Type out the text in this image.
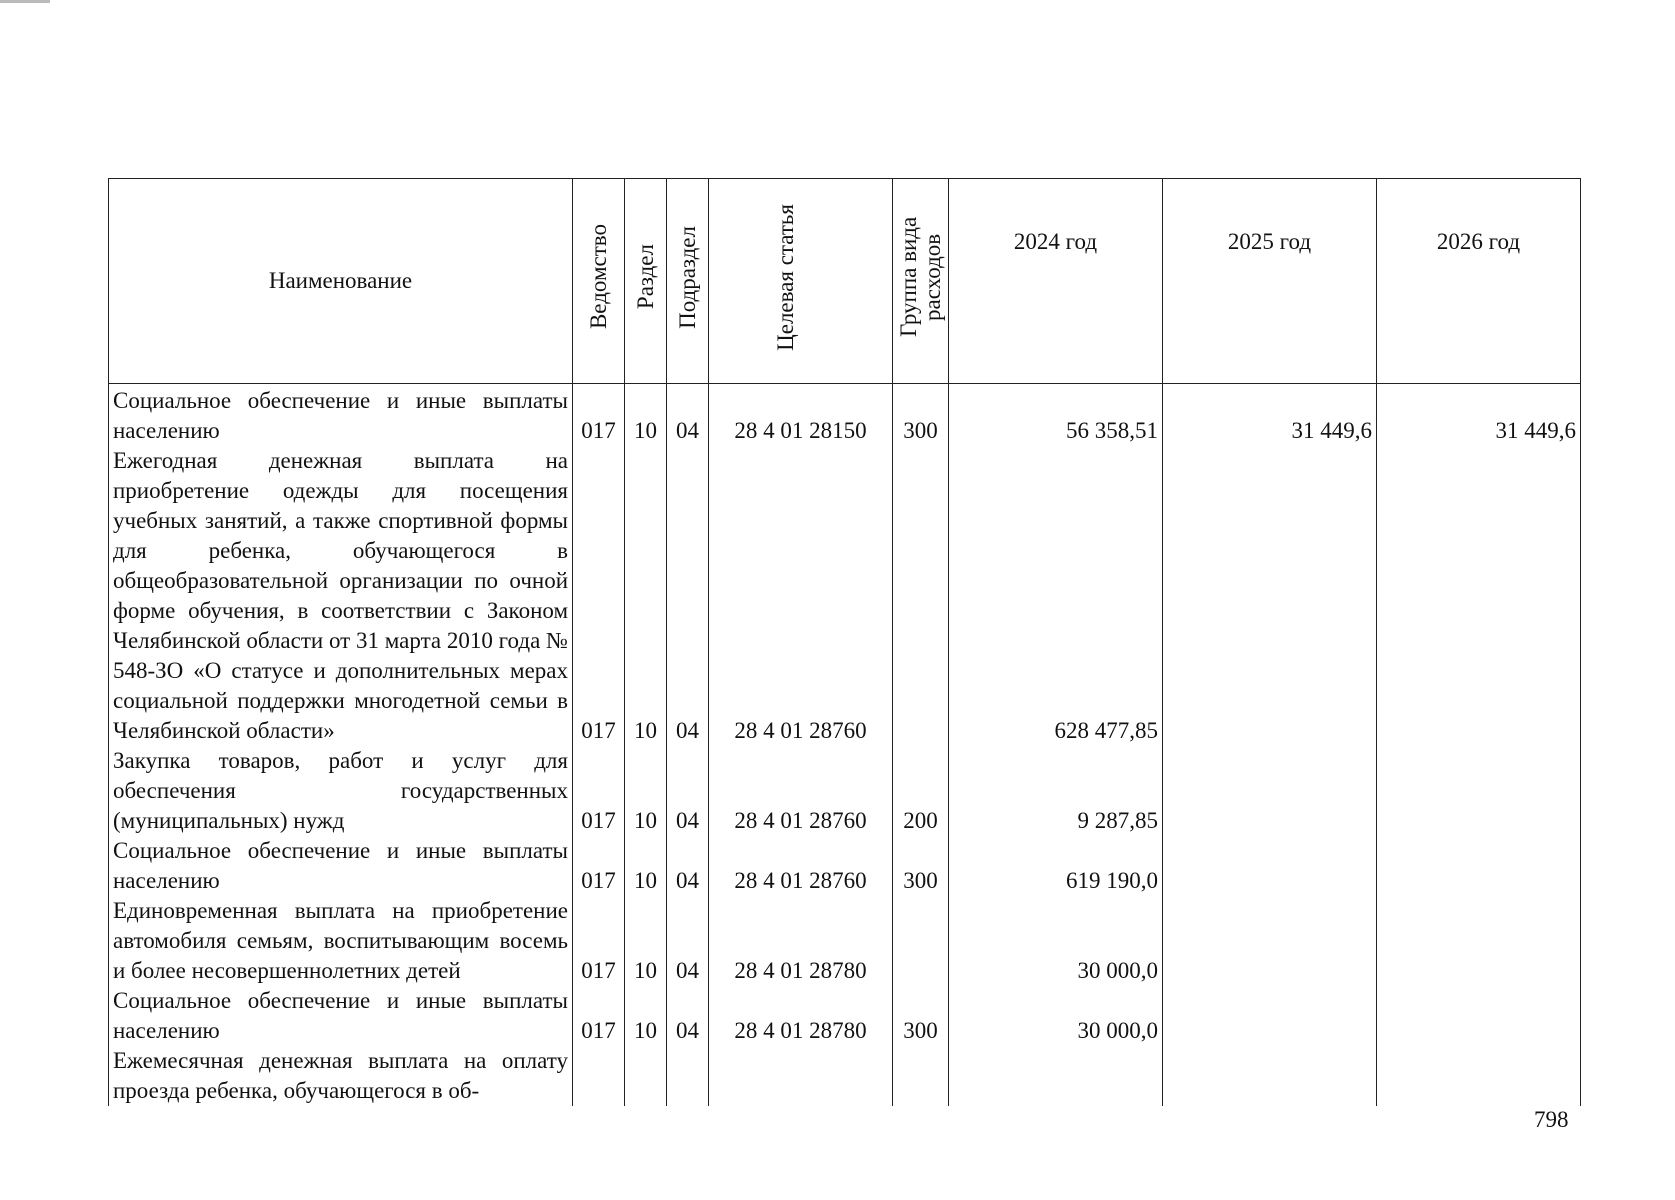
Наименование	Ведомство	Раздел	Подраздел	Целевая статья	Группа вида расходов	2024 год	2025 год	2026 год
Социальное обеспечение и иные выплаты населению	017	10	04	28 4 01 28150	300	56 358,51	31 449,6	31 449,6
Ежегодная денежная выплата на приобретение одежды для посещения учебных занятий, а также спортивной формы для ребенка, обучающегося в общеобразовательной организации по очной форме обучения, в соответствии с Законом Челябинской области от 31 марта 2010 года № 548-ЗО «О статусе и дополнительных мерах социальной поддержки многодетной семьи в Челябинской области»	017	10	04	28 4 01 28760		628 477,85		
Закупка товаров, работ и услуг для обеспечения государственных (муниципальных) нужд	017	10	04	28 4 01 28760	200	9 287,85		
Социальное обеспечение и иные выплаты населению	017	10	04	28 4 01 28760	300	619 190,0		
Единовременная выплата на приобретение автомобиля семьям, воспитывающим восемь и более несовершеннолетних детей	017	10	04	28 4 01 28780		30 000,0		
Социальное обеспечение и иные выплаты населению	017	10	04	28 4 01 28780	300	30 000,0		
Ежемесячная денежная выплата на оплату проезда ребенка, обучающегося в об-								
798
